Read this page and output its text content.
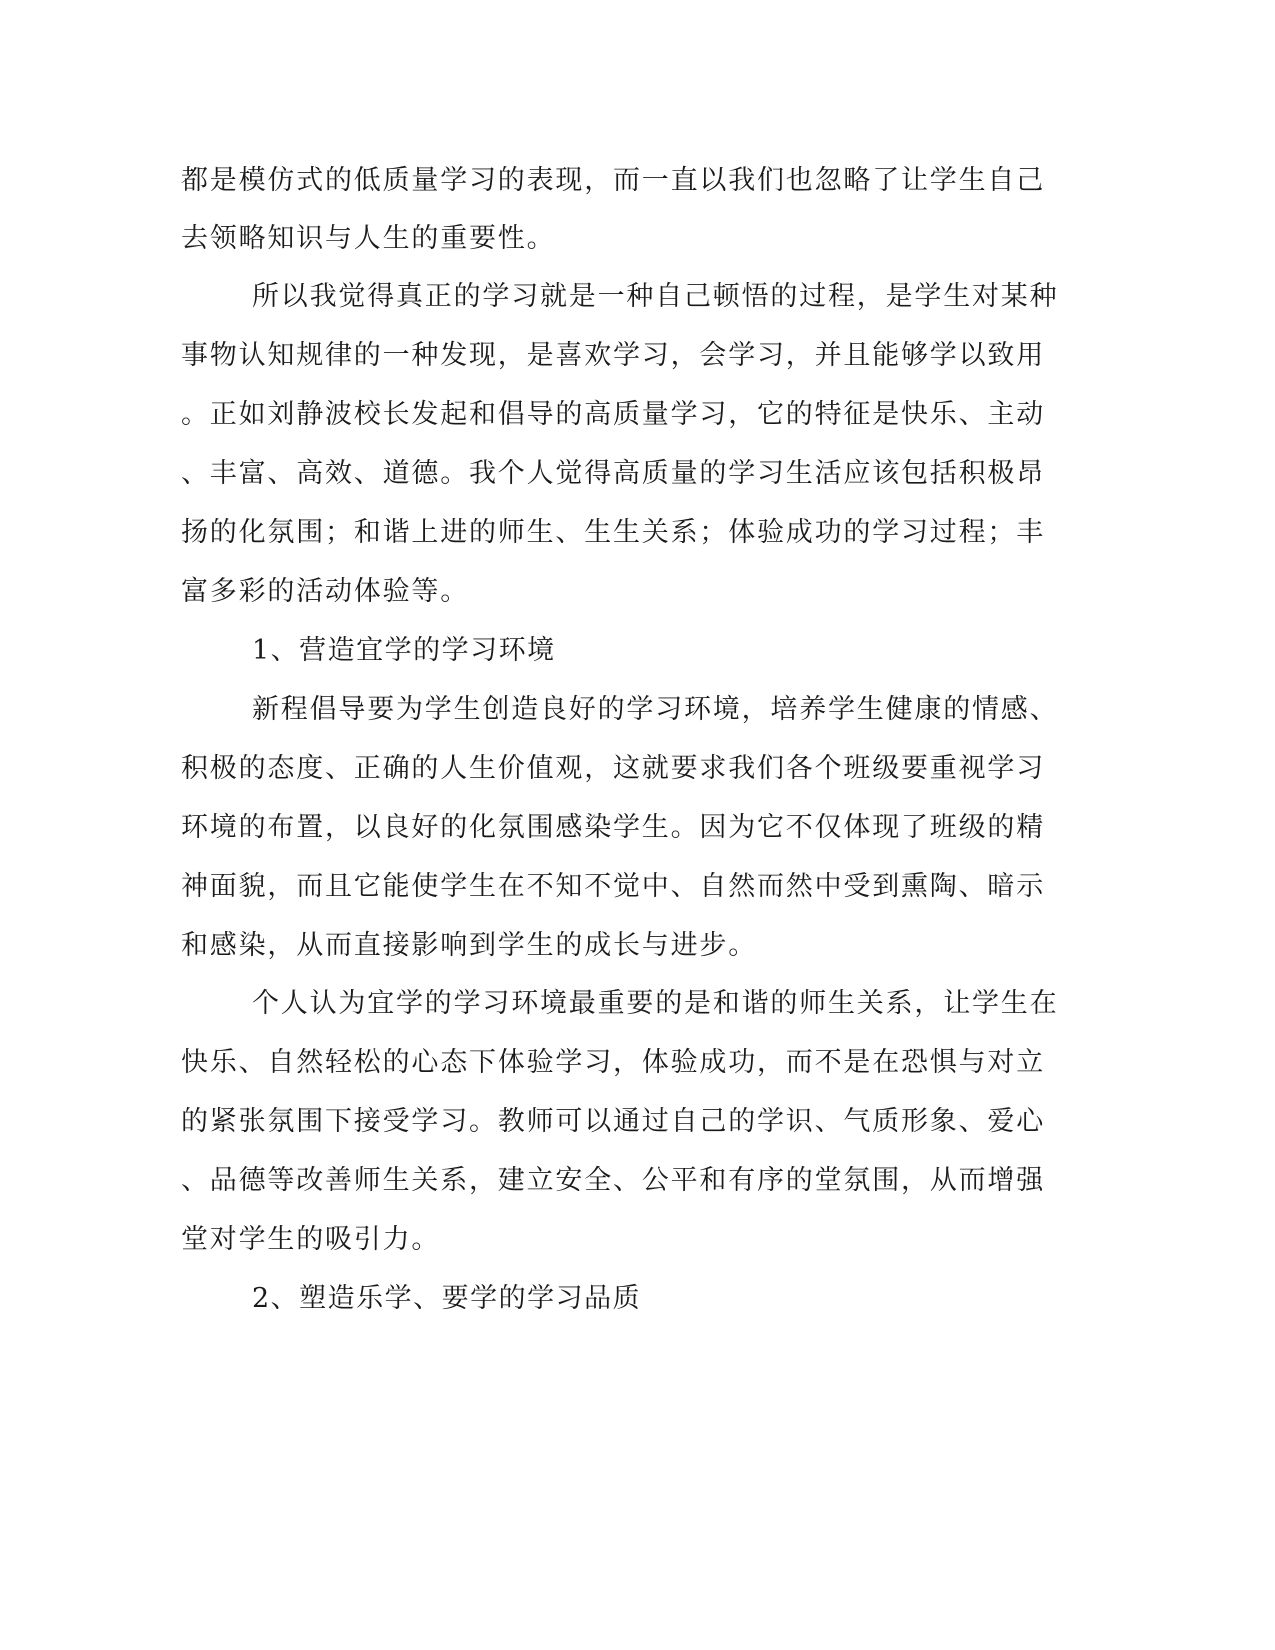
都是模仿式的低质量学习的表现，而一直以我们也忽略了让学生自己
去领略知识与人生的重要性。
所以我觉得真正的学习就是一种自己顿悟的过程，是学生对某种
事物认知规律的一种发现，是喜欢学习，会学习，并且能够学以致用
。正如刘静波校长发起和倡导的高质量学习，它的特征是快乐、主动
、丰富、高效、道德。我个人觉得高质量的学习生活应该包括积极昂
扬的化氛围；和谐上进的师生、生生关系；体验成功的学习过程；丰
富多彩的活动体验等。
1、营造宜学的学习环境
新程倡导要为学生创造良好的学习环境，培养学生健康的情感、
积极的态度、正确的人生价值观，这就要求我们各个班级要重视学习
环境的布置，以良好的化氛围感染学生。因为它不仅体现了班级的精
神面貌，而且它能使学生在不知不觉中、自然而然中受到熏陶、暗示
和感染，从而直接影响到学生的成长与进步。
个人认为宜学的学习环境最重要的是和谐的师生关系，让学生在
快乐、自然轻松的心态下体验学习，体验成功，而不是在恐惧与对立
的紧张氛围下接受学习。教师可以通过自己的学识、气质形象、爱心
、品德等改善师生关系，建立安全、公平和有序的堂氛围，从而增强
堂对学生的吸引力。
2、塑造乐学、要学的学习品质
